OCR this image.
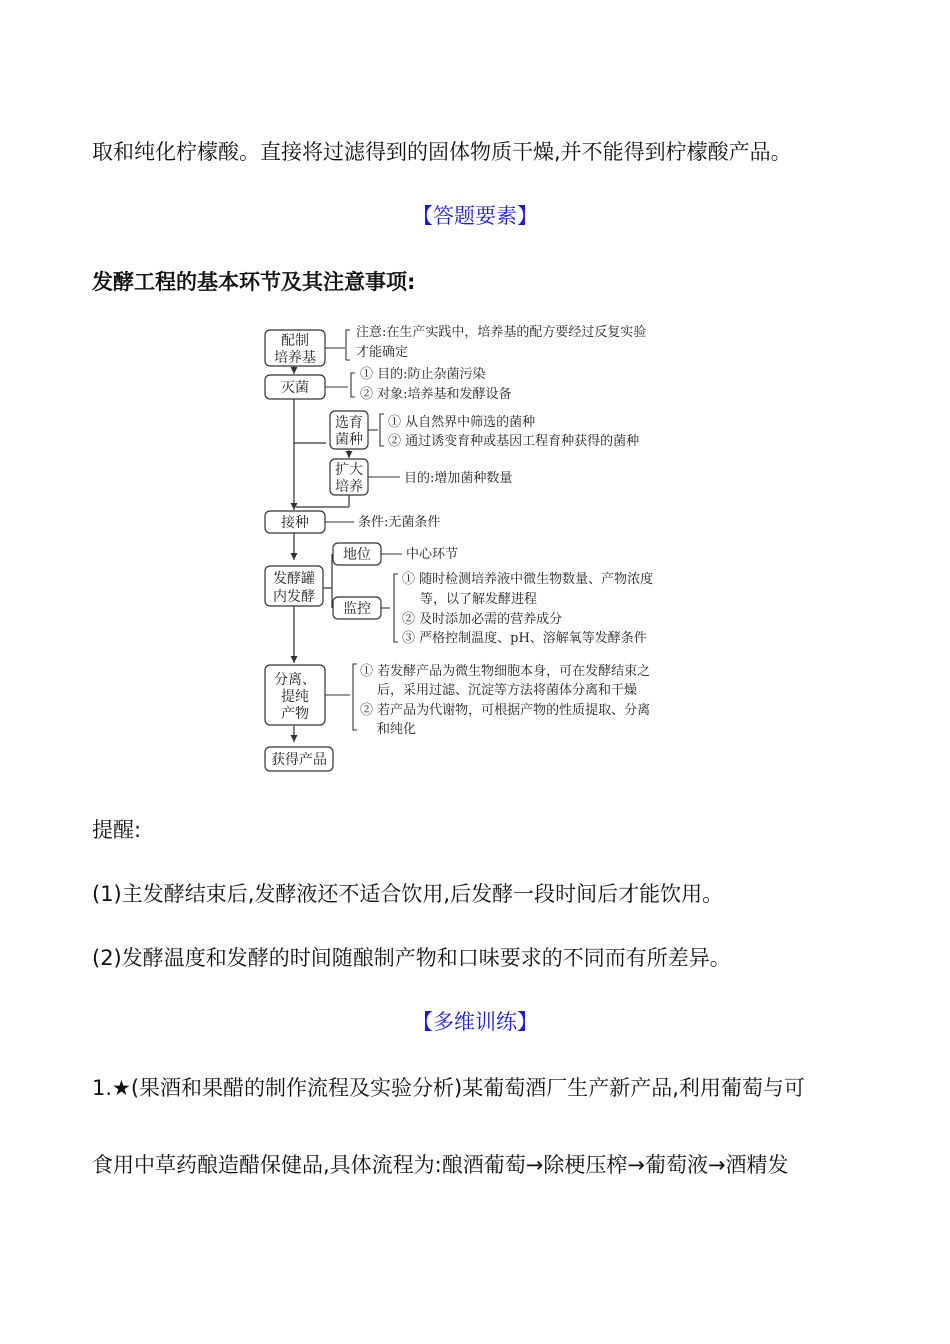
取和纯化柠檬酸。直接将过滤得到的固体物质干燥,并不能得到柠檬酸产品。
【答题要素】
发酵工程的基本环节及其注意事项:
配制
培养基
灭菌
选育
菌种
扩大
培养
接种
发酵罐
内发酵
地位
监控
分离、
提纯
产物
获得产品
注意:在生产实践中，培养基的配方要经过反复实验
才能确定
① 目的:防止杂菌污染
② 对象:培养基和发酵设备
① 从自然界中筛选的菌种
② 通过诱变育种或基因工程育种获得的菌种
目的:增加菌种数量
条件:无菌条件
中心环节
① 随时检测培养液中微生物数量、产物浓度
等，以了解发酵进程
② 及时添加必需的营养成分
③ 严格控制温度、pH、溶解氧等发酵条件
① 若发酵产品为微生物细胞本身，可在发酵结束之
后，采用过滤、沉淀等方法将菌体分离和干燥
② 若产品为代谢物，可根据产物的性质提取、分离
和纯化
提醒:
(1)主发酵结束后,发酵液还不适合饮用,后发酵一段时间后才能饮用。
(2)发酵温度和发酵的时间随酿制产物和口味要求的不同而有所差异。
【多维训练】
1.★(果酒和果醋的制作流程及实验分析)某葡萄酒厂生产新产品,利用葡萄与可
食用中草药酿造醋保健品,具体流程为:酿酒葡萄→除梗压榨→葡萄液→酒精发
